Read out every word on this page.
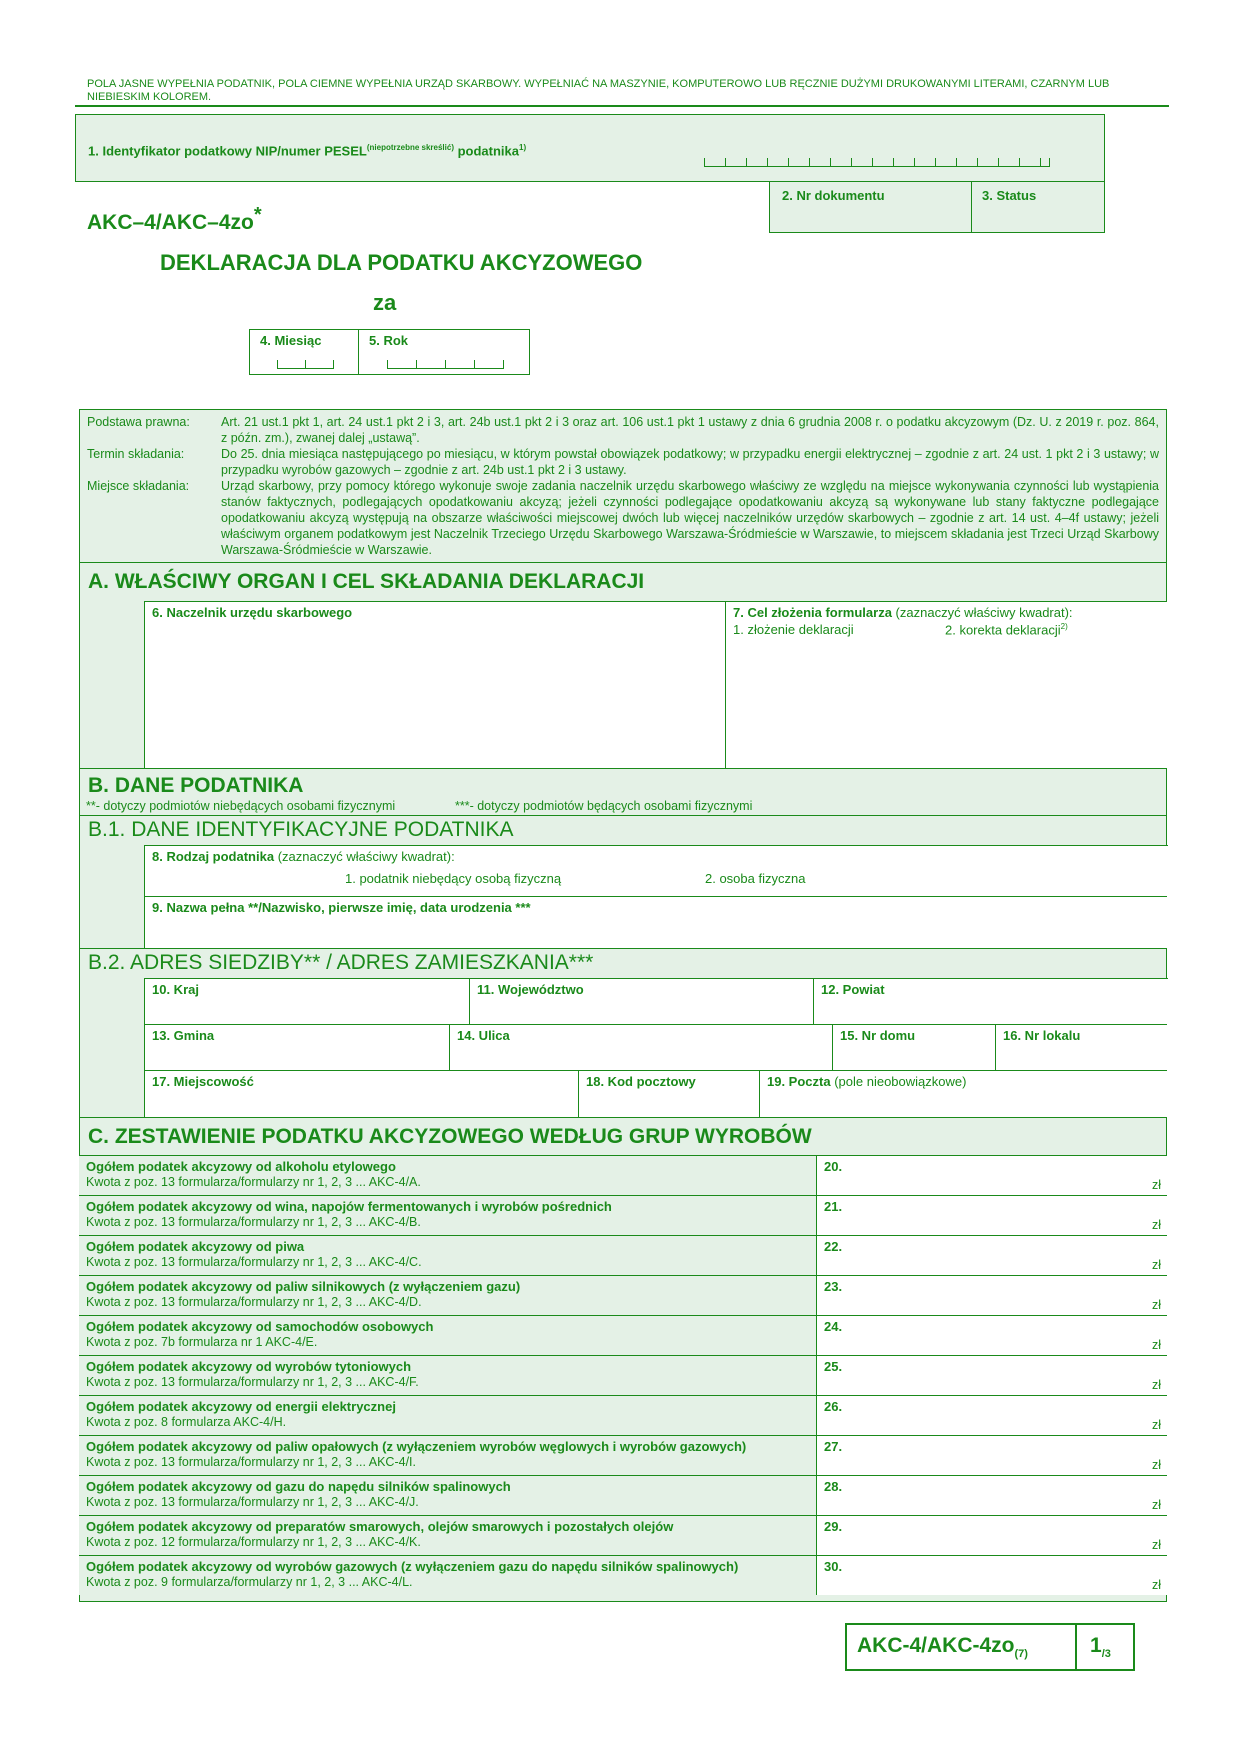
POLA JASNE WYPEŁNIA PODATNIK, POLA CIEMNE WYPEŁNIA URZĄD SKARBOWY. WYPEŁNIAĆ NA MASZYNIE, KOMPUTEROWO LUB RĘCZNIE DUŻYMI DRUKOWANYMI LITERAMI, CZARNYM LUB NIEBIESKIM KOLOREM.
1. Identyfikator podatkowy NIP/numer $PESEL^{(niepotrzebne skreślić)}$ podatnika$^{1)}$
2. Nr dokumentu	3. Status
AKC–4/AKC–4zo*
DEKLARACJA DLA PODATKU AKCYZOWEGO
za
4. Miesiąc	5. Rok
Podstawa prawna:	Art. 21 ust.1 pkt 1, art. 24 ust.1 pkt 2 i 3, art. 24b ust.1 pkt 2 i 3 oraz art. 106 ust.1 pkt 1 ustawy z dnia 6 grudnia 2008 r. o podatku akcyzowym (Dz. U. z 2019 r. poz. 864, z późn. zm.), zwanej dalej „ustawą”.
Termin składania:	Do 25. dnia miesiąca następującego po miesiącu, w którym powstał obowiązek podatkowy; w przypadku energii elektrycznej – zgodnie z art. 24 ust. 1 pkt 2 i 3 ustawy; w przypadku wyrobów gazowych – zgodnie z art. 24b ust.1 pkt 2 i 3 ustawy.
Miejsce składania:	Urząd skarbowy, przy pomocy którego wykonuje swoje zadania naczelnik urzędu skarbowego właściwy ze względu na miejsce wykonywania czynności lub wystąpienia stanów faktycznych, podlegających opodatkowaniu akcyzą; jeżeli czynności podlegające opodatkowaniu akcyzą są wykonywane lub stany faktyczne podlegające opodatkowaniu akcyzą występują na obszarze właściwości miejscowej dwóch lub więcej naczelników urzędów skarbowych – zgodnie z art. 14 ust. 4–4f ustawy; jeżeli właściwym organem podatkowym jest Naczelnik Trzeciego Urzędu Skarbowego Warszawa-Śródmieście w Warszawie, to miejscem składania jest Trzeci Urząd Skarbowy Warszawa-Śródmieście w Warszawie.
A. WŁAŚCIWY ORGAN I CEL SKŁADANIA DEKLARACJI
6. Naczelnik urzędu skarbowego	7. Cel złożenia formularza (zaznaczyć właściwy kwadrat):
1. złożenie deklaracji	2. korekta deklaracji$^{2)}$
B. DANE PODATNIKA
**- dotyczy podmiotów niebędących osobami fizycznymi	***- dotyczy podmiotów będących osobami fizycznymi
B.1. DANE IDENTYFIKACYJNE PODATNIKA
8. Rodzaj podatnika (zaznaczyć właściwy kwadrat):
1. podatnik niebędący osobą fizyczną	2. osoba fizyczna
9. Nazwa pełna **/Nazwisko, pierwsze imię, data urodzenia ***
B.2. ADRES SIEDZIBY** / ADRES ZAMIESZKANIA***
10. Kraj	11. Województwo	12. Powiat
13. Gmina	14. Ulica	15. Nr domu	16. Nr lokalu
17. Miejscowość	18. Kod pocztowy	19. Poczta (pole nieobowiązkowe)
C. ZESTAWIENIE PODATKU AKCYZOWEGO WEDŁUG GRUP WYROBÓW
Ogółem podatek akcyzowy od alkoholu etylowego
Kwota z poz. 13 formularza/formularzy nr 1, 2, 3 ... AKC-4/A.
20.
zł
Ogółem podatek akcyzowy od wina, napojów fermentowanych i wyrobów pośrednich
Kwota z poz. 13 formularza/formularzy nr 1, 2, 3 ... AKC-4/B.
21.
zł
Ogółem podatek akcyzowy od piwa
Kwota z poz. 13 formularza/formularzy nr 1, 2, 3 ... AKC-4/C.
22.
zł
Ogółem podatek akcyzowy od paliw silnikowych (z wyłączeniem gazu)
Kwota z poz. 13 formularza/formularzy nr 1, 2, 3 ... AKC-4/D.
23.
zł
Ogółem podatek akcyzowy od samochodów osobowych
Kwota z poz. 7b formularza nr 1 AKC-4/E.
24.
zł
Ogółem podatek akcyzowy od wyrobów tytoniowych
Kwota z poz. 13 formularza/formularzy nr 1, 2, 3 ... AKC-4/F.
25.
zł
Ogółem podatek akcyzowy od energii elektrycznej
Kwota z poz. 8 formularza AKC-4/H.
26.
zł
Ogółem podatek akcyzowy od paliw opałowych (z wyłączeniem wyrobów węglowych i wyrobów gazowych)
Kwota z poz. 13 formularza/formularzy nr 1, 2, 3 ... AKC-4/I.
27.
zł
Ogółem podatek akcyzowy od gazu do napędu silników spalinowych
Kwota z poz. 13 formularza/formularzy nr 1, 2, 3 ... AKC-4/J.
28.
zł
Ogółem podatek akcyzowy od preparatów smarowych, olejów smarowych i pozostałych olejów
Kwota z poz. 12 formularza/formularzy nr 1, 2, 3 ... AKC-4/K.
29.
zł
Ogółem podatek akcyzowy od wyrobów gazowych (z wyłączeniem gazu do napędu silników spalinowych)
Kwota z poz. 9 formularza/formularzy nr 1, 2, 3 ... AKC-4/L.
30.
zł
AKC-$4/AKC-4zo_{(7)}$	$1_{/3}$
